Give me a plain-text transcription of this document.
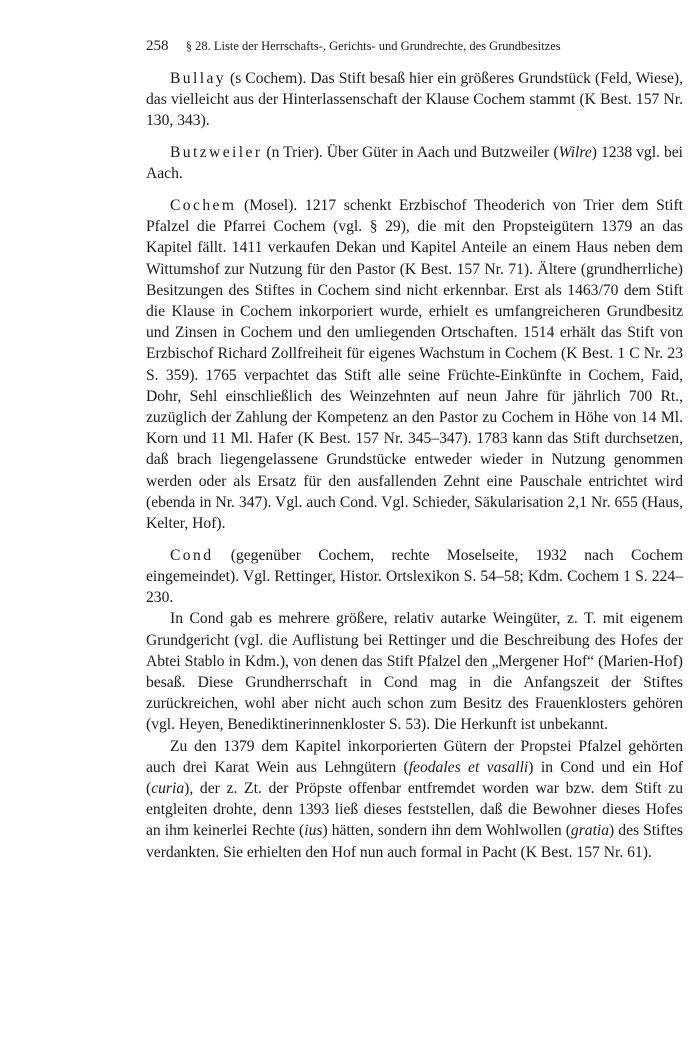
258 § 28. Liste der Herrschafts-, Gerichts- und Grundrechte, des Grundbesitzes

Bullay (s Cochem). Das Stift besaß hier ein größeres Grundstück (Feld, Wiese), das vielleicht aus der Hinterlassenschaft der Klause Cochem stammt (K Best. 157 Nr. 130, 343).

Butzweiler (n Trier). Über Güter in Aach und Butzweiler (Wilre) 1238 vgl. bei Aach.

Cochem (Mosel). 1217 schenkt Erzbischof Theoderich von Trier dem Stift Pfalzel die Pfarrei Cochem (vgl. § 29), die mit den Propsteigütern 1379 an das Kapitel fällt. 1411 verkaufen Dekan und Kapitel Anteile an einem Haus neben dem Wittumshof zur Nutzung für den Pastor (K Best. 157 Nr. 71). Ältere (grundherrliche) Besitzungen des Stiftes in Cochem sind nicht erkennbar. Erst als 1463/70 dem Stift die Klause in Cochem inkorporiert wurde, erhielt es umfangreicheren Grundbesitz und Zinsen in Cochem und den umliegenden Ortschaften. 1514 erhält das Stift von Erzbischof Richard Zollfreiheit für eigenes Wachstum in Cochem (K Best. 1 C Nr. 23 S. 359). 1765 verpachtet das Stift alle seine Früchte-Einkünfte in Cochem, Faid, Dohr, Sehl einschließlich des Weinzehnten auf neun Jahre für jährlich 700 Rt., zuzüglich der Zahlung der Kompetenz an den Pastor zu Cochem in Höhe von 14 Ml. Korn und 11 Ml. Hafer (K Best. 157 Nr. 345–347). 1783 kann das Stift durchsetzen, daß brach liegengelassene Grundstücke entweder wieder in Nutzung genommen werden oder als Ersatz für den ausfallenden Zehnt eine Pauschale entrichtet wird (ebenda in Nr. 347). Vgl. auch Cond. Vgl. Schieder, Säkularisation 2,1 Nr. 655 (Haus, Kelter, Hof).

Cond (gegenüber Cochem, rechte Moselseite, 1932 nach Cochem eingemeindet). Vgl. Rettinger, Histor. Ortslexikon S. 54–58; Kdm. Cochem 1 S. 224–230.

In Cond gab es mehrere größere, relativ autarke Weingüter, z. T. mit eigenem Grundgericht (vgl. die Auflistung bei Rettinger und die Beschreibung des Hofes der Abtei Stablo in Kdm.), von denen das Stift Pfalzel den „Mergener Hof“ (Marien-Hof) besaß. Diese Grundherrschaft in Cond mag in die Anfangszeit der Stiftes zurückreichen, wohl aber nicht auch schon zum Besitz des Frauenklosters gehören (vgl. Heyen, Benediktinerinnenkloster S. 53). Die Herkunft ist unbekannt.

Zu den 1379 dem Kapitel inkorporierten Gütern der Propstei Pfalzel gehörten auch drei Karat Wein aus Lehngütern (feodales et vasalli) in Cond und ein Hof (curia), der z. Zt. der Pröpste offenbar entfremdet worden war bzw. dem Stift zu entgleiten drohte, denn 1393 ließ dieses feststellen, daß die Bewohner dieses Hofes an ihm keinerlei Rechte (ius) hätten, sondern ihn dem Wohlwollen (gratia) des Stiftes verdankten. Sie erhielten den Hof nun auch formal in Pacht (K Best. 157 Nr. 61).
